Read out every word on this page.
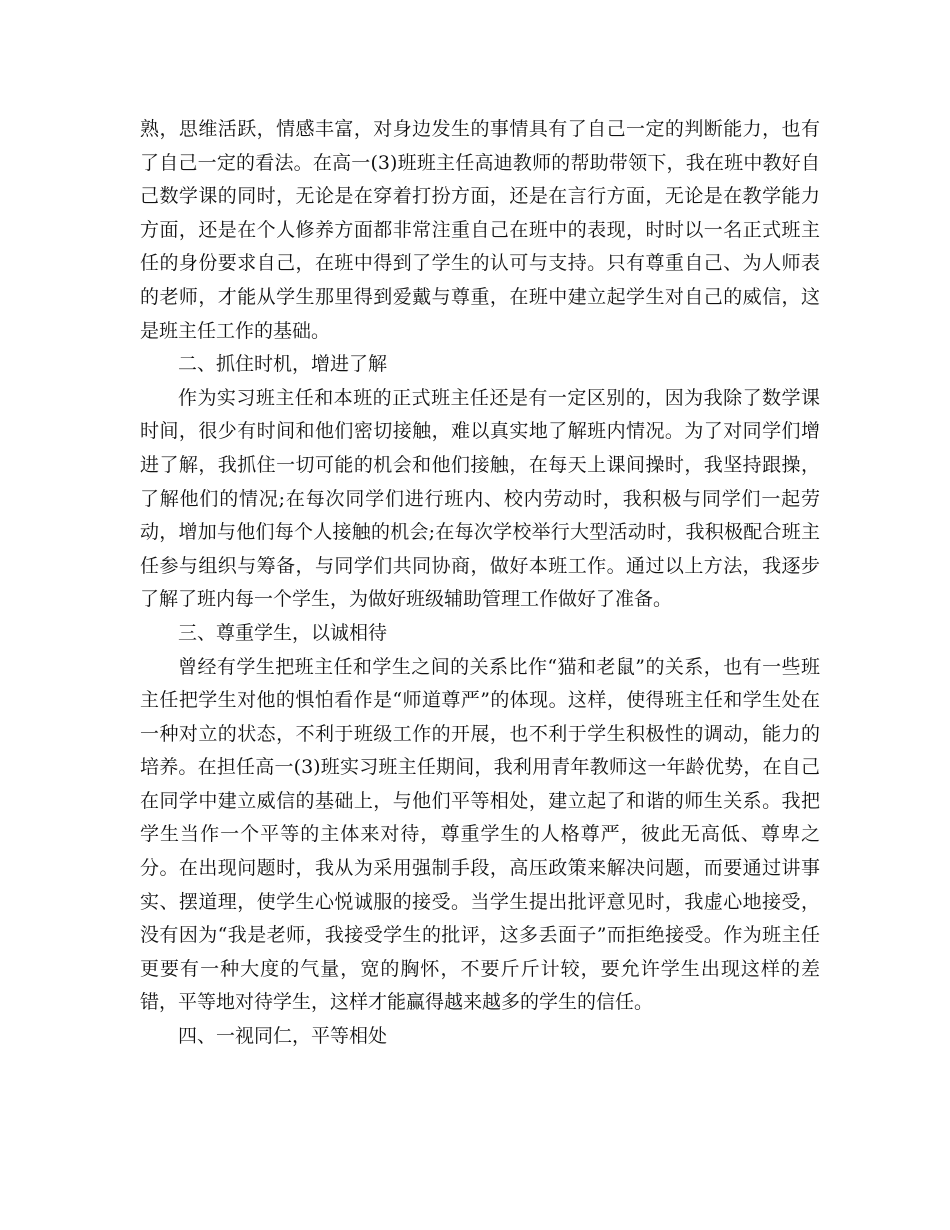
熟，思维活跃，情感丰富，对身边发生的事情具有了自己一定的判断能力，也有了自己一定的看法。在高一(3)班班主任高迪教师的帮助带领下，我在班中教好自己数学课的同时，无论是在穿着打扮方面，还是在言行方面，无论是在教学能力方面，还是在个人修养方面都非常注重自己在班中的表现，时时以一名正式班主任的身份要求自己，在班中得到了学生的认可与支持。只有尊重自己、为人师表的老师，才能从学生那里得到爱戴与尊重，在班中建立起学生对自己的威信，这是班主任工作的基础。

二、抓住时机，增进了解

作为实习班主任和本班的正式班主任还是有一定区别的，因为我除了数学课时间，很少有时间和他们密切接触，难以真实地了解班内情况。为了对同学们增进了解，我抓住一切可能的机会和他们接触，在每天上课间操时，我坚持跟操，了解他们的情况;在每次同学们进行班内、校内劳动时，我积极与同学们一起劳动，增加与他们每个人接触的机会;在每次学校举行大型活动时，我积极配合班主任参与组织与筹备，与同学们共同协商，做好本班工作。通过以上方法，我逐步了解了班内每一个学生，为做好班级辅助管理工作做好了准备。

三、尊重学生，以诚相待

曾经有学生把班主任和学生之间的关系比作“猫和老鼠”的关系，也有一些班主任把学生对他的惧怕看作是“师道尊严”的体现。这样，使得班主任和学生处在一种对立的状态，不利于班级工作的开展，也不利于学生积极性的调动，能力的培养。在担任高一(3)班实习班主任期间，我利用青年教师这一年龄优势，在自己在同学中建立威信的基础上，与他们平等相处，建立起了和谐的师生关系。我把学生当作一个平等的主体来对待，尊重学生的人格尊严，彼此无高低、尊卑之分。在出现问题时，我从为采用强制手段，高压政策来解决问题，而要通过讲事实、摆道理，使学生心悦诚服的接受。当学生提出批评意见时，我虚心地接受，没有因为“我是老师，我接受学生的批评，这多丢面子”而拒绝接受。作为班主任更要有一种大度的气量，宽的胸怀，不要斤斤计较，要允许学生出现这样的差错，平等地对待学生，这样才能赢得越来越多的学生的信任。

四、一视同仁，平等相处
